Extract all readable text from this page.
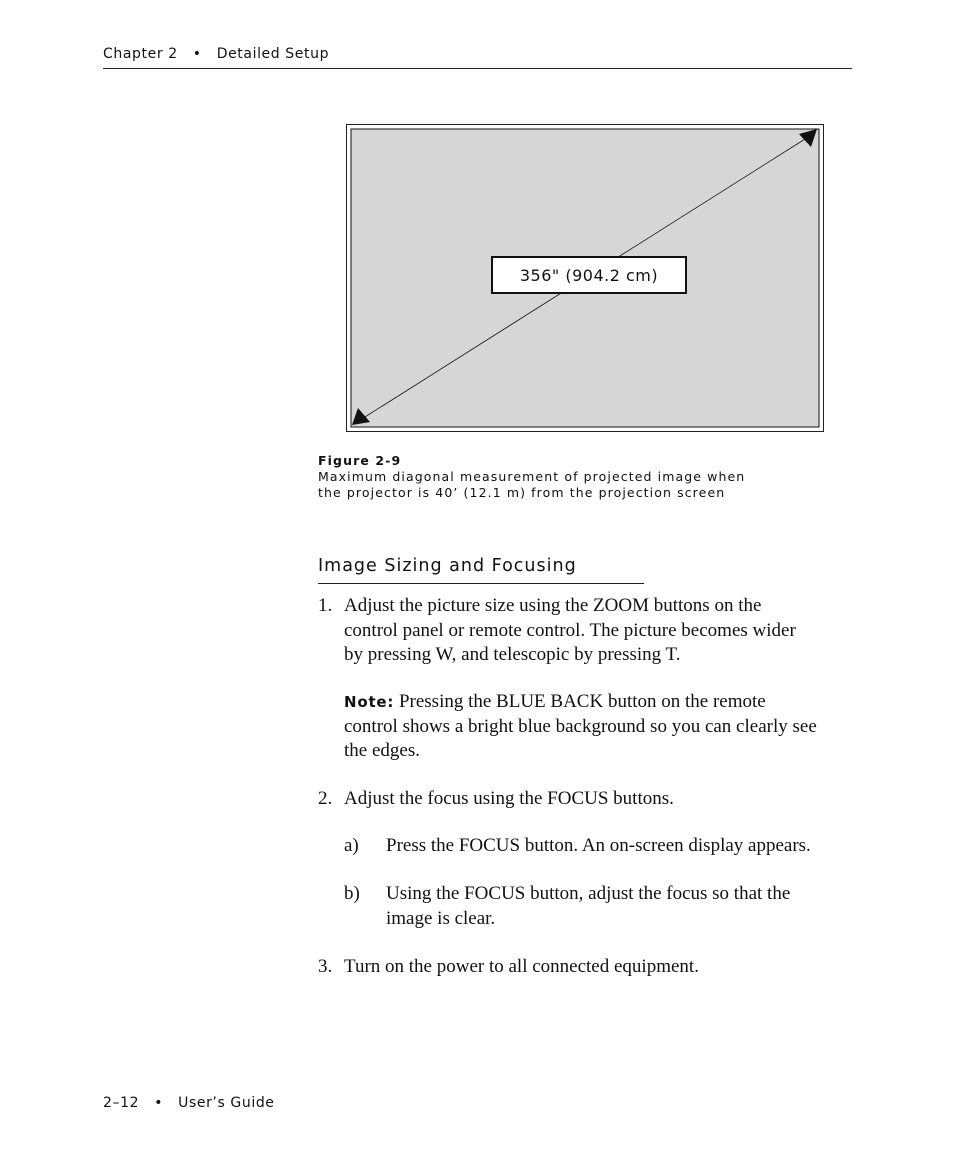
Chapter 2 • Detailed Setup
356" (904.2 cm)
Figure 2-9
Maximum diagonal measurement of projected image when
the projector is 40’ (12.1 m) from the projection screen
Image Sizing and Focusing
1. Adjust the picture size using the ZOOM buttons on the
control panel or remote control. The picture becomes wider
by pressing W, and telescopic by pressing T.
Note: Pressing the BLUE BACK button on the remote
control shows a bright blue background so you can clearly see
the edges.
2. Adjust the focus using the FOCUS buttons.
a) Press the FOCUS button. An on-screen display appears.
b) Using the FOCUS button, adjust the focus so that the
image is clear.
3. Turn on the power to all connected equipment.
2–12 • User’s Guide
